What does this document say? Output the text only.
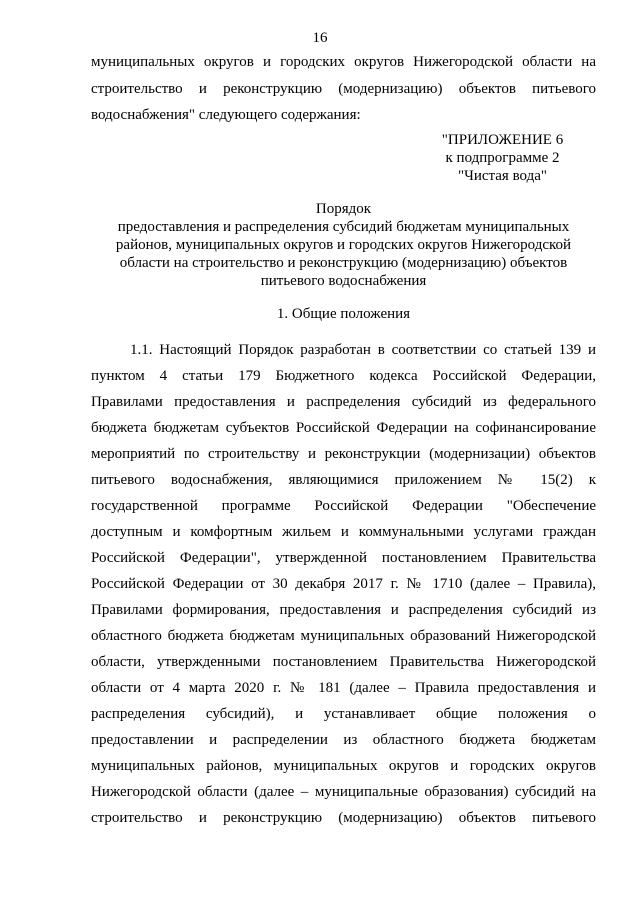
16
муниципальных округов и городских округов Нижегородской области на
строительство и реконструкцию (модернизацию) объектов питьевого
водоснабжения" следующего содержания:
"ПРИЛОЖЕНИЕ 6
к подпрограмме 2
"Чистая вода"
Порядок
предоставления и распределения субсидий бюджетам муниципальных
районов, муниципальных округов и городских округов Нижегородской
области на строительство и реконструкцию (модернизацию) объектов
питьевого водоснабжения
1. Общие положения
1.1. Настоящий Порядок разработан в соответствии со статьей 139 и
пунктом 4 статьи 179 Бюджетного кодекса Российской Федерации,
Правилами предоставления и распределения субсидий из федерального
бюджета бюджетам субъектов Российской Федерации на софинансирование
мероприятий по строительству и реконструкции (модернизации) объектов
питьевого водоснабжения, являющимися приложением № 15(2) к
государственной программе Российской Федерации "Обеспечение
доступным и комфортным жильем и коммунальными услугами граждан
Российской Федерации", утвержденной постановлением Правительства
Российской Федерации от 30 декабря 2017 г. № 1710 (далее – Правила),
Правилами формирования, предоставления и распределения субсидий из
областного бюджета бюджетам муниципальных образований Нижегородской
области, утвержденными постановлением Правительства Нижегородской
области от 4 марта 2020 г. № 181 (далее – Правила предоставления и
распределения субсидий), и устанавливает общие положения о
предоставлении и распределении из областного бюджета бюджетам
муниципальных районов, муниципальных округов и городских округов
Нижегородской области (далее – муниципальные образования) субсидий на
строительство и реконструкцию (модернизацию) объектов питьевого
